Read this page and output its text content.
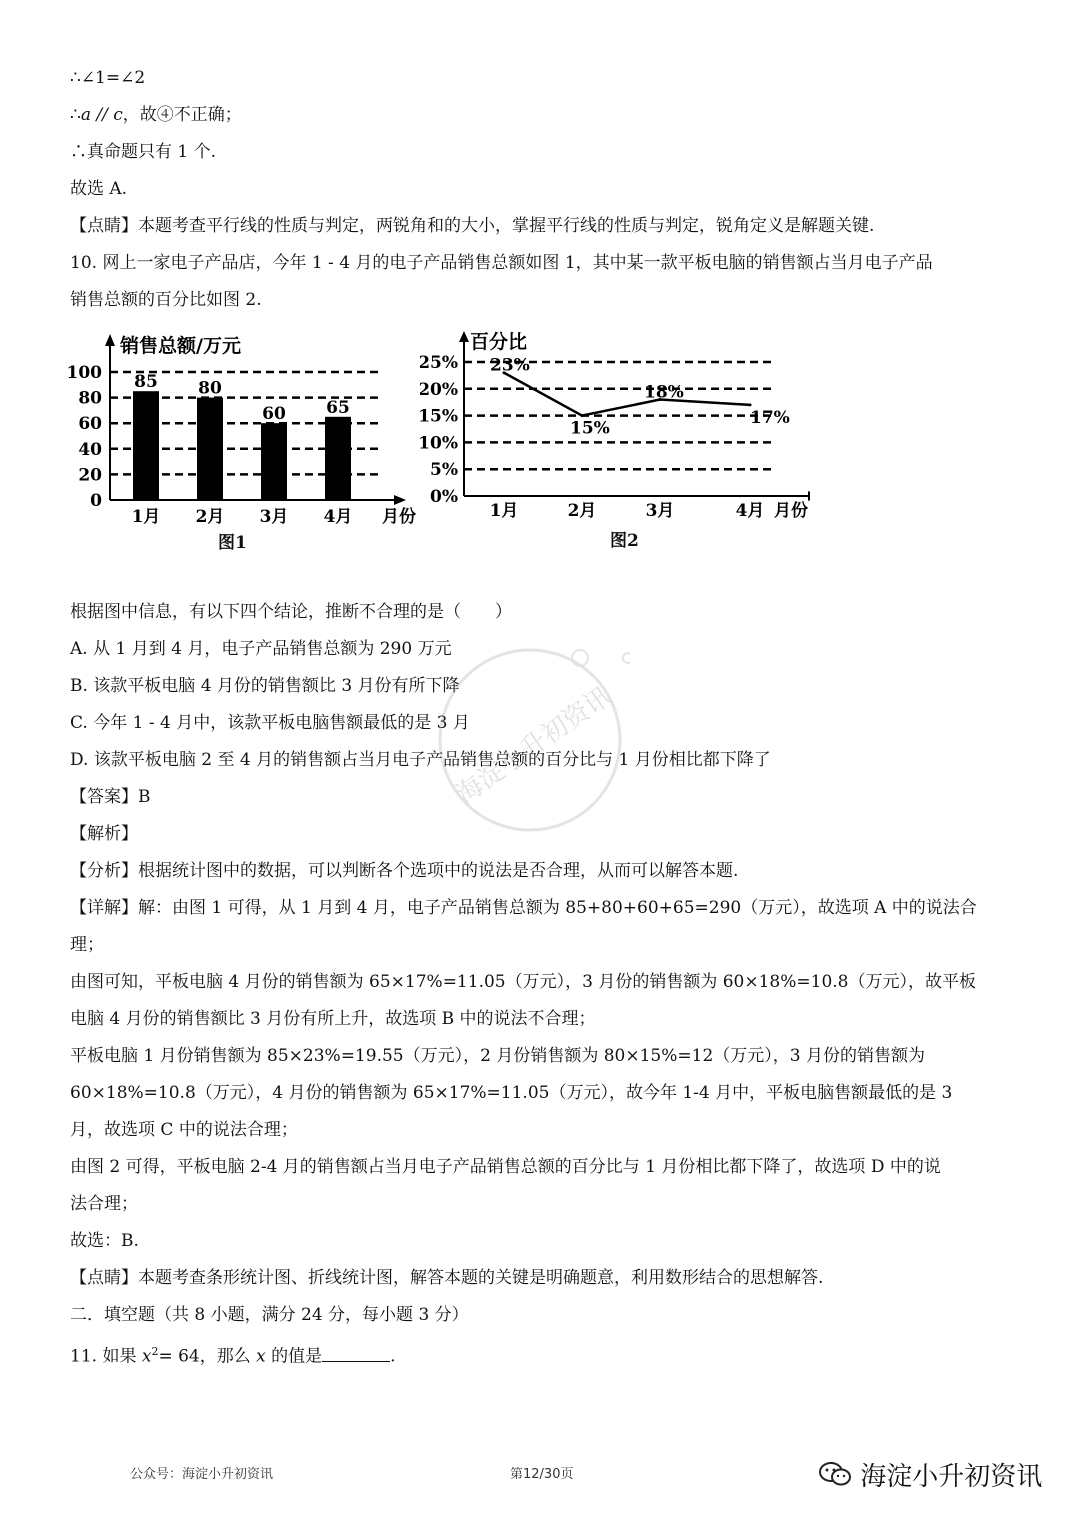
∴∠1=∠2
∴a // c，故④不正确；
∴真命题只有 1 个.
故选 A.
【点睛】本题考查平行线的性质与判定，两锐角和的大小，掌握平行线的性质与判定，锐角定义是解题关键.
10. 网上一家电子产品店，今年 1 - 4 月的电子产品销售总额如图 1，其中某一款平板电脑的销售额占当月电子产品
销售总额的百分比如图 2.
0
20
40
60
80
100
销售总额/万元
85
1月
80
2月
60
3月
65
4月 月份
图1
0%
5%
10%
15%
20%
25%
百分比
23%
1月
15%
2月
18%
3月
17%
4月 月份
图2
根据图中信息，有以下四个结论，推断不合理的是（　　）
A. 从 1 月到 4 月，电子产品销售总额为 290 万元
B. 该款平板电脑 4 月份的销售额比 3 月份有所下降
C. 今年 1 - 4 月中，该款平板电脑售额最低的是 3 月
D. 该款平板电脑 2 至 4 月的销售额占当月电子产品销售总额的百分比与 1 月份相比都下降了
【答案】B
【解析】
【分析】根据统计图中的数据，可以判断各个选项中的说法是否合理，从而可以解答本题.
【详解】解：由图 1 可得，从 1 月到 4 月，电子产品销售总额为 85+80+60+65=290（万元），故选项 A 中的说法合
理；
由图可知，平板电脑 4 月份的销售额为 65×17%=11.05（万元），3 月份的销售额为 60×18%=10.8（万元），故平板
电脑 4 月份的销售额比 3 月份有所上升，故选项 B 中的说法不合理；
平板电脑 1 月份销售额为 85×23%=19.55（万元），2 月份销售额为 80×15%=12（万元），3 月份的销售额为
60×18%=10.8（万元），4 月份的销售额为 65×17%=11.05（万元），故今年 1-4 月中，平板电脑售额最低的是 3
月，故选项 C 中的说法合理；
由图 2 可得，平板电脑 2-4 月的销售额占当月电子产品销售总额的百分比与 1 月份相比都下降了，故选项 D 中的说
法合理；
故选：B.
【点睛】本题考查条形统计图、折线统计图，解答本题的关键是明确题意，利用数形结合的思想解答.
二．填空题（共 8 小题，满分 24 分，每小题 3 分）
11. 如果 $x^2= 64$，那么 x 的值是	.
海淀小升初资讯
公众号：海淀小升初资讯	第12/30页	海淀小升初资讯
